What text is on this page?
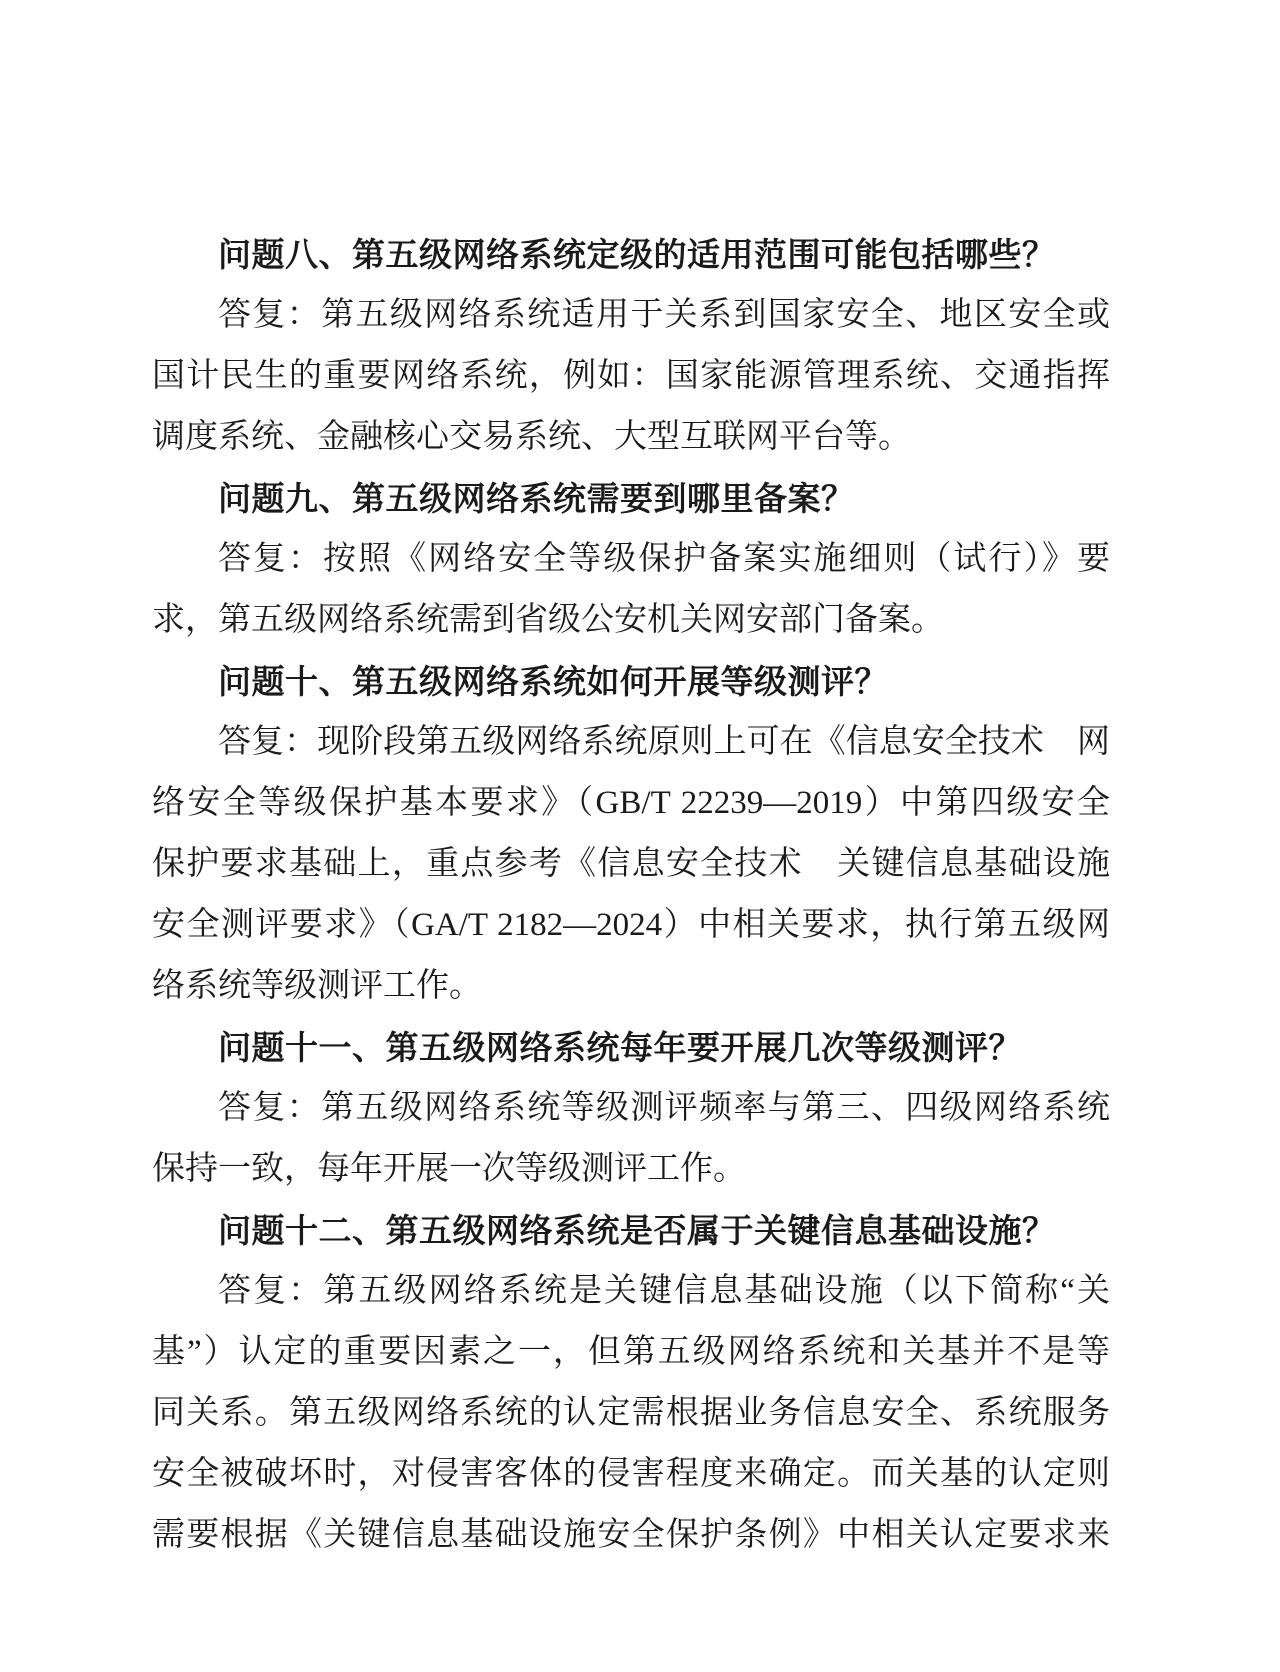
问题八、第五级网络系统定级的适用范围可能包括哪些？

答复：第五级网络系统适用于关系到国家安全、地区安全或

国计民生的重要网络系统，例如：国家能源管理系统、交通指挥

调度系统、金融核心交易系统、大型互联网平台等。

问题九、第五级网络系统需要到哪里备案？

答复：按照《网络安全等级保护备案实施细则（试行）》要

求，第五级网络系统需到省级公安机关网安部门备案。

问题十、第五级网络系统如何开展等级测评？

答复：现阶段第五级网络系统原则上可在《信息安全技术　网

络安全等级保护基本要求》（GB/T 22239—2019）中第四级安全

保护要求基础上，重点参考《信息安全技术　关键信息基础设施

安全测评要求》（GA/T 2182—2024）中相关要求，执行第五级网

络系统等级测评工作。

问题十一、第五级网络系统每年要开展几次等级测评？

答复：第五级网络系统等级测评频率与第三、四级网络系统

保持一致，每年开展一次等级测评工作。

问题十二、第五级网络系统是否属于关键信息基础设施？

答复：第五级网络系统是关键信息基础设施（以下简称“关

基”）认定的重要因素之一，但第五级网络系统和关基并不是等

同关系。第五级网络系统的认定需根据业务信息安全、系统服务

安全被破坏时，对侵害客体的侵害程度来确定。而关基的认定则

需要根据《关键信息基础设施安全保护条例》中相关认定要求来
